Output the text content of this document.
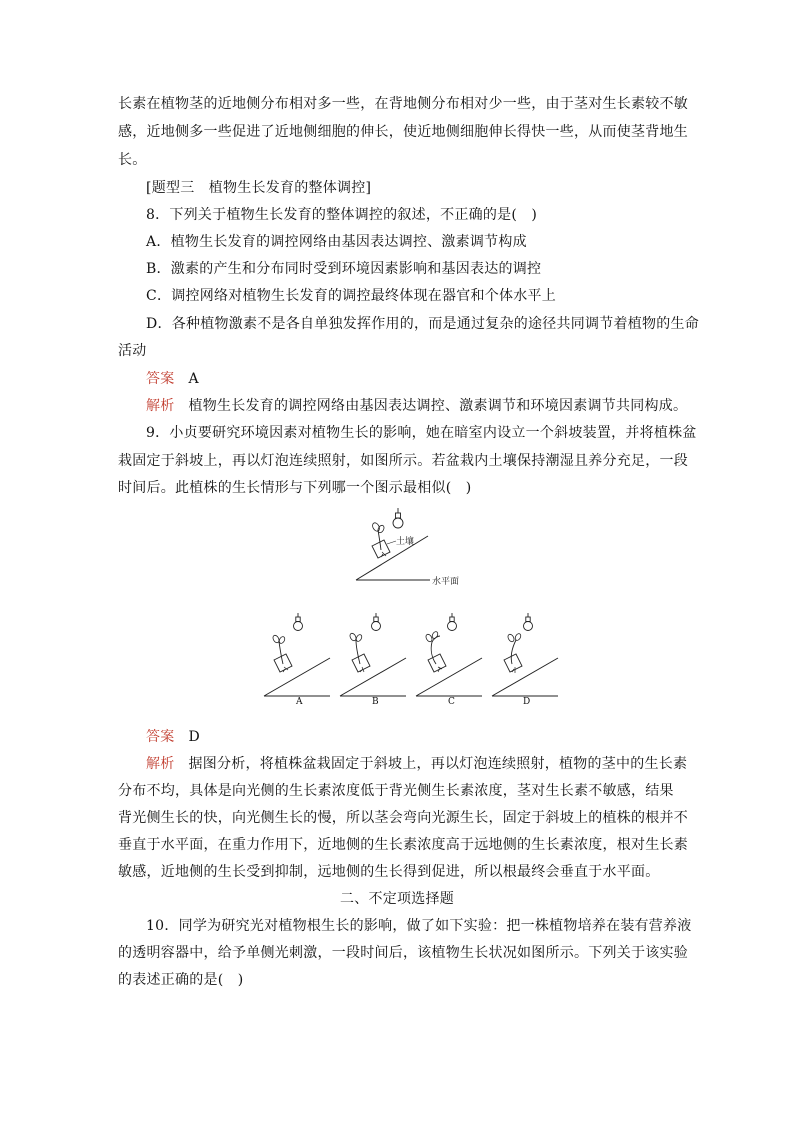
长素在植物茎的近地侧分布相对多一些，在背地侧分布相对少一些，由于茎对生长素较不敏
感，近地侧多一些促进了近地侧细胞的伸长，使近地侧细胞伸长得快一些，从而使茎背地生
长。
[题型三　植物生长发育的整体调控]
8．下列关于植物生长发育的整体调控的叙述，不正确的是(　)
A．植物生长发育的调控网络由基因表达调控、激素调节构成
B．激素的产生和分布同时受到环境因素影响和基因表达的调控
C．调控网络对植物生长发育的调控最终体现在器官和个体水平上
D．各种植物激素不是各自单独发挥作用的，而是通过复杂的途径共同调节着植物的生命
活动
答案 A
解析 植物生长发育的调控网络由基因表达调控、激素调节和环境因素调节共同构成。
9．小贞要研究环境因素对植物生长的影响，她在暗室内设立一个斜坡装置，并将植株盆
栽固定于斜坡上，再以灯泡连续照射，如图所示。若盆栽内土壤保持潮湿且养分充足，一段
时间后。此植株的生长情形与下列哪一个图示最相似(　)
土壤
水平面
A	B	C	D
答案 D
解析 据图分析，将植株盆栽固定于斜坡上，再以灯泡连续照射，植物的茎中的生长素
分布不均，具体是向光侧的生长素浓度低于背光侧生长素浓度，茎对生长素不敏感，结果
背光侧生长的快，向光侧生长的慢，所以茎会弯向光源生长，固定于斜坡上的植株的根并不
垂直于水平面，在重力作用下，近地侧的生长素浓度高于远地侧的生长素浓度，根对生长素
敏感，近地侧的生长受到抑制，远地侧的生长得到促进，所以根最终会垂直于水平面。
二、不定项选择题
10．同学为研究光对植物根生长的影响，做了如下实验：把一株植物培养在装有营养液
的透明容器中，给予单侧光刺激，一段时间后，该植物生长状况如图所示。下列关于该实验
的表述正确的是(　)
